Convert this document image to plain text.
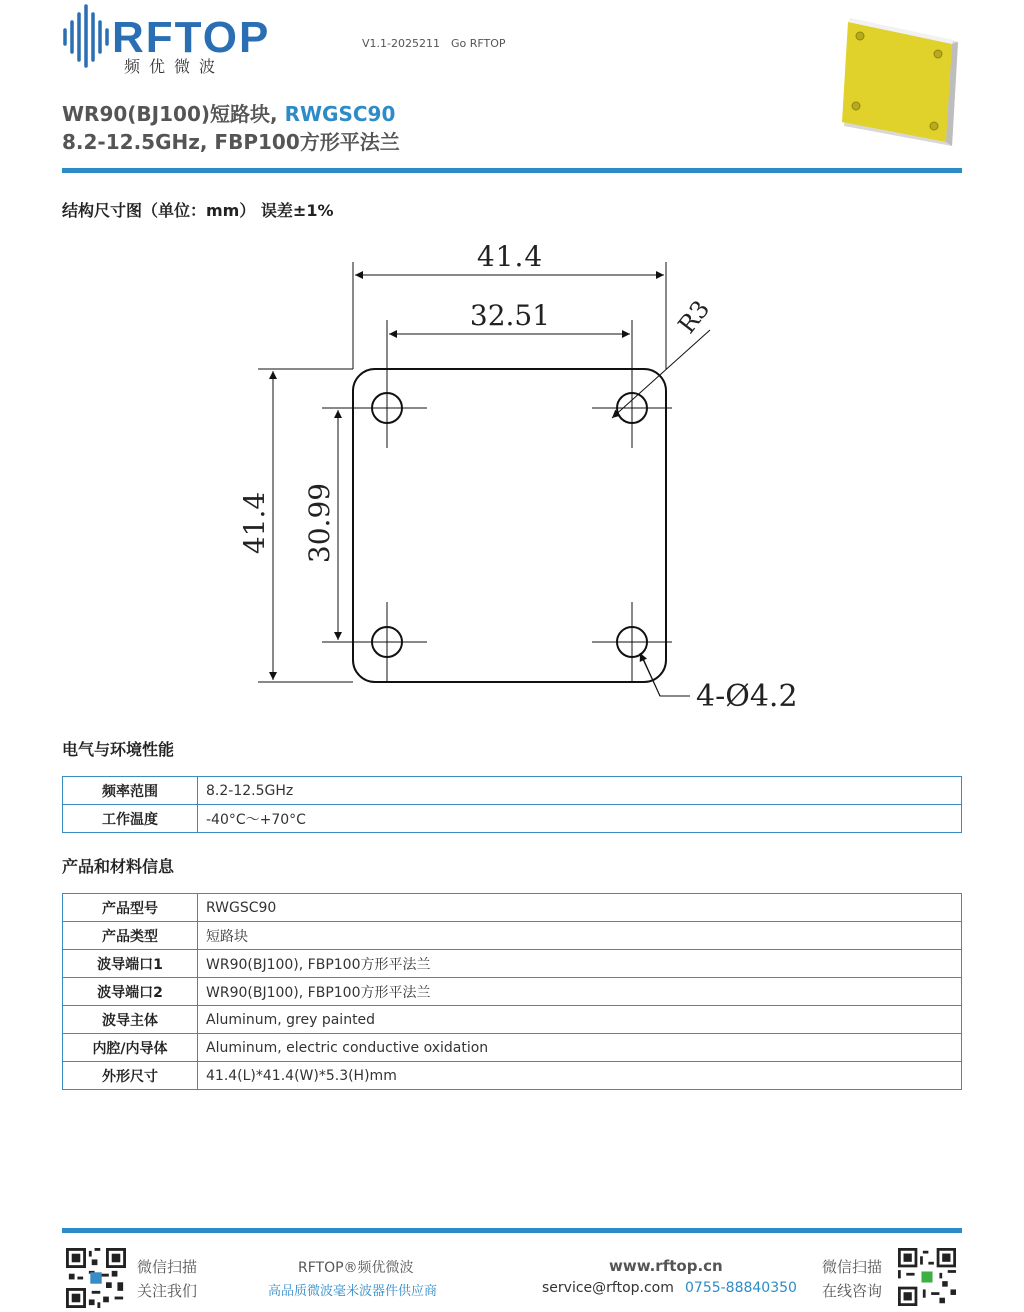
RFTOP
频优微波
V1.1-2025211 Go RFTOP
WR90(BJ100)短路块, RWGSC90
8.2-12.5GHz, FBP100方形平法兰
结构尺寸图（单位：mm） 误差±1%
41.4
32.51	R3
41.4 30.99
4-Ø4.2
电气与环境性能
频率范围	8.2-12.5GHz
工作温度	-40°C～+70°C
产品和材料信息
产品型号	RWGSC90
产品类型	短路块
波导端口1	WR90(BJ100), FBP100方形平法兰
波导端口2	WR90(BJ100), FBP100方形平法兰
波导主体	Aluminum, grey painted
内腔/内导体	Aluminum, electric conductive oxidation
外形尺寸	41.4(L)*41.4(W)*5.3(H)mm
微信扫描
关注我们
RFTOP®频优微波
高品质微波毫米波器件供应商
www.rftop.cn
service@rftop.com 0755-88840350
微信扫描
在线咨询
